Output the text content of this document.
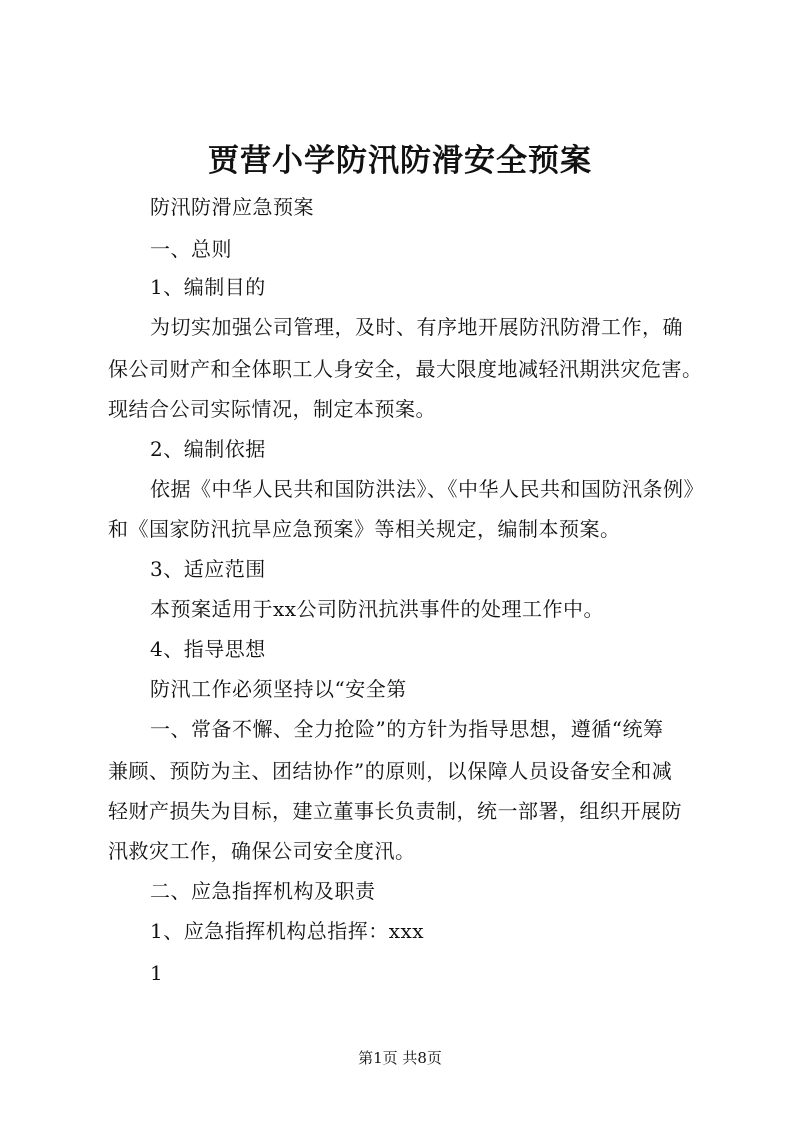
贾营小学防汛防滑安全预案
防汛防滑应急预案
一、总则
1、编制目的
为切实加强公司管理，及时、有序地开展防汛防滑工作，确
保公司财产和全体职工人身安全，最大限度地减轻汛期洪灾危害。
现结合公司实际情况，制定本预案。
2、编制依据
依据《中华人民共和国防洪法》、《中华人民共和国防汛条例》
和《国家防汛抗旱应急预案》等相关规定，编制本预案。
3、适应范围
本预案适用于xx公司防汛抗洪事件的处理工作中。
4、指导思想
防汛工作必须坚持以“安全第
一、常备不懈、全力抢险”的方针为指导思想，遵循“统筹
兼顾、预防为主、团结协作”的原则，以保障人员设备安全和减
轻财产损失为目标，建立董事长负责制，统一部署，组织开展防
汛救灾工作，确保公司安全度汛。
二、应急指挥机构及职责
1、应急指挥机构总指挥：xxx
1
第1页 共8页
